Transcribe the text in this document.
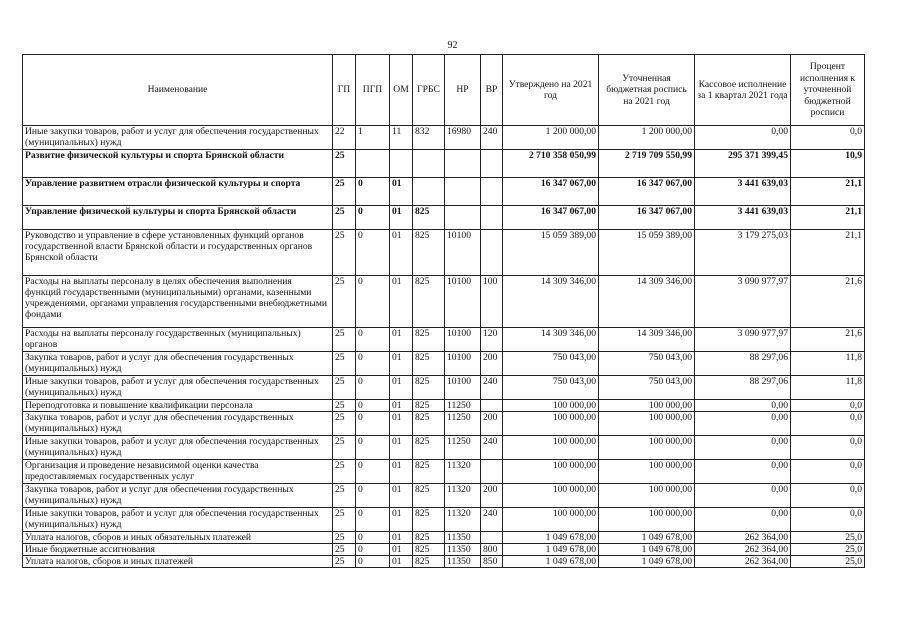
92
Наименование	ГП	ПГП	ОМ	ГРБС	НР	ВР	Утверждено на 2021 год	Уточненная бюджетная роспись на 2021 год	Кассовое исполнение за 1 квартал 2021 года	Процент исполнения к уточненной бюджетной росписи
Иные закупки товаров, работ и услуг для обеспечения государственных (муниципальных) нужд	22	1	11	832	16980	240	1 200 000,00	1 200 000,00	0,00	0,0
Развитие физической культуры и спорта Брянской области	25						2 710 358 050,99	2 719 709 550,99	295 371 399,45	10,9
Управление развитием отрасли физической культуры и спорта	25	0	01				16 347 067,00	16 347 067,00	3 441 639,03	21,1
Управление физической культуры и спорта Брянской области	25	0	01	825			16 347 067,00	16 347 067,00	3 441 639,03	21,1
Руководство и управление в сфере установленных функций органов государственной власти Брянской области и государственных органов Брянской области	25	0	01	825	10100		15 059 389,00	15 059 389,00	3 179 275,03	21,1
Расходы на выплаты персоналу в целях обеспечения выполнения функций государственными (муниципальными) органами, казенными учреждениями, органами управления государственными внебюджетными фондами	25	0	01	825	10100	100	14 309 346,00	14 309 346,00	3 090 977,97	21,6
Расходы на выплаты персоналу государственных (муниципальных) органов	25	0	01	825	10100	120	14 309 346,00	14 309 346,00	3 090 977,97	21,6
Закупка товаров, работ и услуг для обеспечения государственных (муниципальных) нужд	25	0	01	825	10100	200	750 043,00	750 043,00	88 297,06	11,8
Иные закупки товаров, работ и услуг для обеспечения государственных (муниципальных) нужд	25	0	01	825	10100	240	750 043,00	750 043,00	88 297,06	11,8
Переподготовка и повышение квалификации персонала	25	0	01	825	11250		100 000,00	100 000,00	0,00	0,0
Закупка товаров, работ и услуг для обеспечения государственных (муниципальных) нужд	25	0	01	825	11250	200	100 000,00	100 000,00	0,00	0,0
Иные закупки товаров, работ и услуг для обеспечения государственных (муниципальных) нужд	25	0	01	825	11250	240	100 000,00	100 000,00	0,00	0,0
Организация и проведение независимой оценки качества предоставляемых государственных услуг	25	0	01	825	11320		100 000,00	100 000,00	0,00	0,0
Закупка товаров, работ и услуг для обеспечения государственных (муниципальных) нужд	25	0	01	825	11320	200	100 000,00	100 000,00	0,00	0,0
Иные закупки товаров, работ и услуг для обеспечения государственных (муниципальных) нужд	25	0	01	825	11320	240	100 000,00	100 000,00	0,00	0,0
Уплата налогов, сборов и иных обязательных платежей	25	0	01	825	11350		1 049 678,00	1 049 678,00	262 364,00	25,0
Иные бюджетные ассигнования	25	0	01	825	11350	800	1 049 678,00	1 049 678,00	262 364,00	25,0
Уплата налогов, сборов и иных платежей	25	0	01	825	11350	850	1 049 678,00	1 049 678,00	262 364,00	25,0
